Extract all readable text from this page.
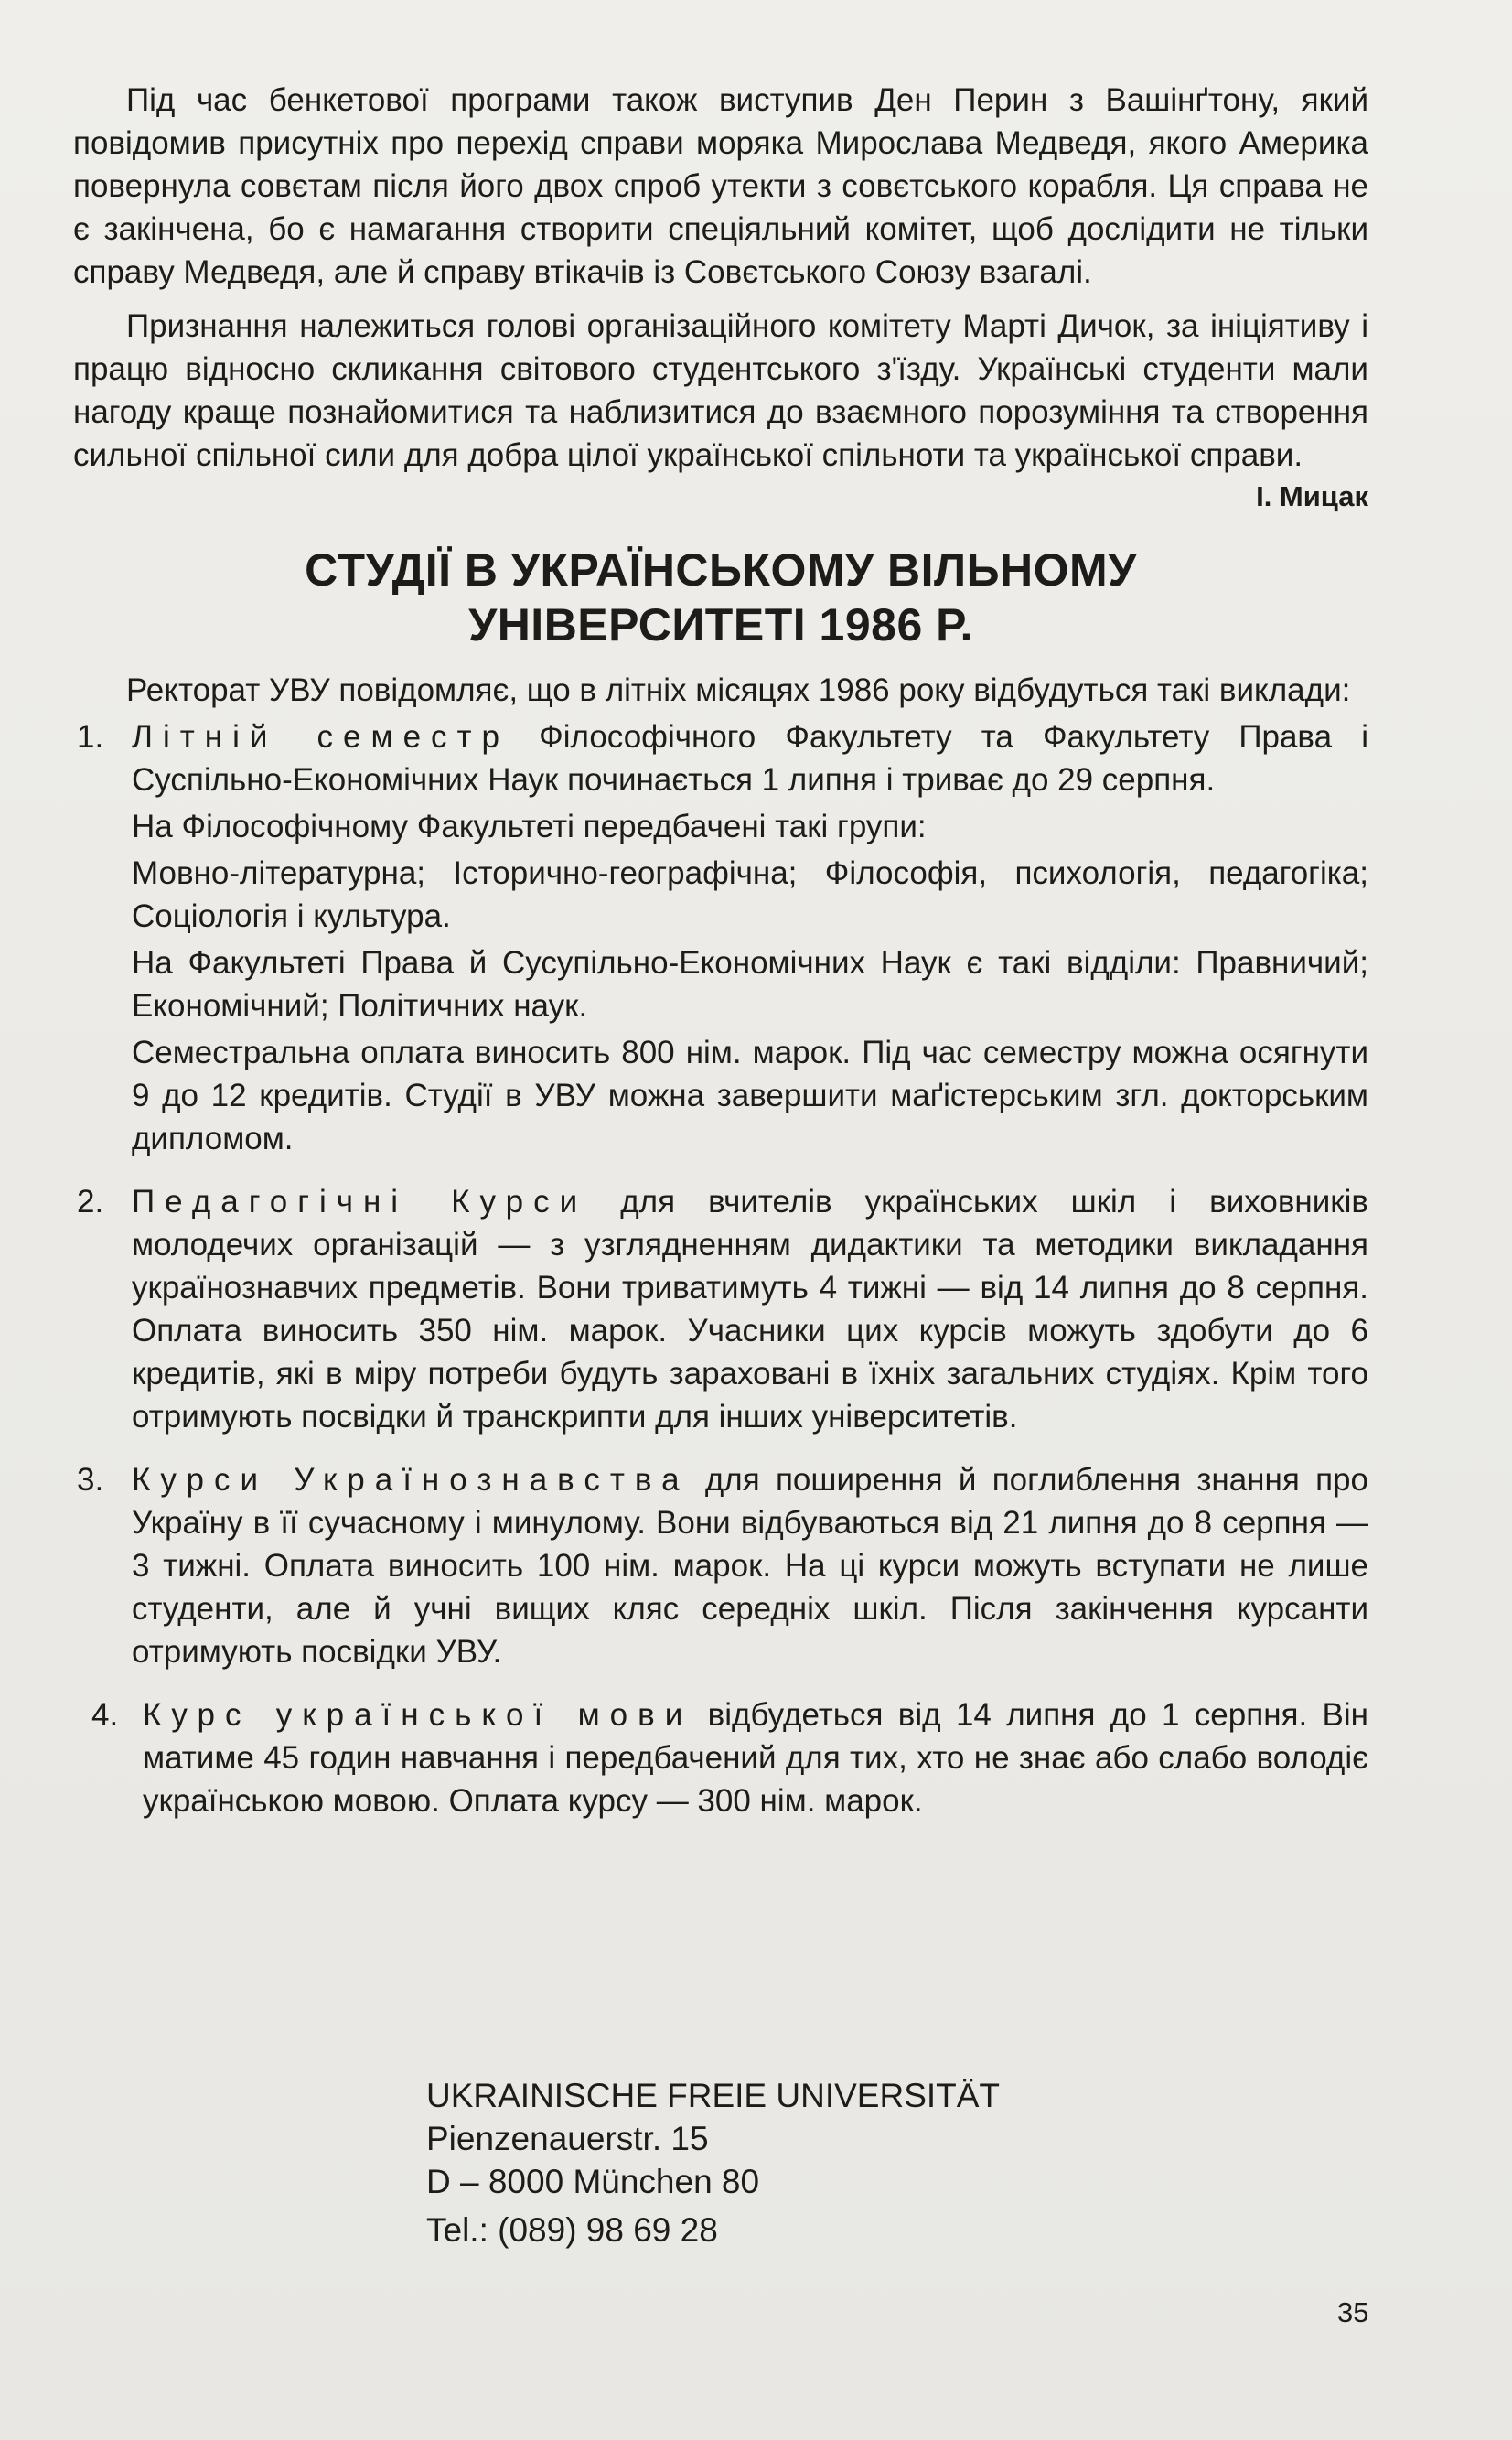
Під час бенкетової програми також виступив Ден Перин з Вашінґтону, який повідомив присутніх про перехід справи моряка Мирослава Медведя, якого Америка повернула совєтам після його двох спроб утекти з совєтського корабля. Ця справа не є закінчена, бо є намагання створити спеціяльний комітет, щоб дослідити не тільки справу Медведя, але й справу втікачів із Совєтського Союзу взагалі.

Признання належиться голові організаційного комітету Марті Дичок, за ініціятиву і працю відносно скликання світового студентського з'їзду. Українські студенти мали нагоду краще познайомитися та наблизитися до взаємного порозуміння та створення сильної спільної сили для добра цілої української спільноти та української справи.

І. Мицак
СТУДІЇ В УКРАЇНСЬКОМУ ВІЛЬНОМУ
УНІВЕРСИТЕТІ 1986 Р.

Ректорат УВУ повідомляє, що в літніх місяцях 1986 року відбудуться такі виклади:

1. Літній семестр Філософічного Факультету та Факультету Права і Суспільно-Економічних Наук починається 1 липня і триває до 29 серпня.

На Філософічному Факультеті передбачені такі групи:

Мовно-літературна; Історично-географічна; Філософія, психологія, педагогіка; Соціологія і культура.

На Факультеті Права й Сусупільно-Економічних Наук є такі відділи: Правничий; Економічний; Політичних наук.

Семестральна оплата виносить 800 нім. марок. Під час семестру можна осягнути 9 до 12 кредитів. Студії в УВУ можна завершити маґістерським згл. докторським дипломом.

2. Педагогічні Курси для вчителів українських шкіл і виховників молодечих організацій — з узглядненням дидактики та методики викладання українознавчих предметів. Вони триватимуть 4 тижні — від 14 липня до 8 серпня. Оплата виносить 350 нім. марок. Учасники цих курсів можуть здобути до 6 кредитів, які в міру потреби будуть зараховані в їхніх загальних студіях. Крім того отримують посвідки й транскрипти для інших університетів.

3. Курси Українознавства для поширення й поглиблення знання про Україну в її сучасному і минулому. Вони відбуваються від 21 липня до 8 серпня — 3 тижні. Оплата виносить 100 нім. марок. На ці курси можуть вступати не лише студенти, але й учні вищих кляс середніх шкіл. Після закінчення курсанти отримують посвідки УВУ.

4. Курс української мови відбудеться від 14 липня до 1 серпня. Він матиме 45 годин навчання і передбачений для тих, хто не знає або слабо володіє українською мовою. Оплата курсу — 300 нім. марок.

UKRAINISCHE FREIE UNIVERSITÄT
Pienzenauerstr. 15
D – 8000 München 80
Tel.: (089) 98 69 28
35
